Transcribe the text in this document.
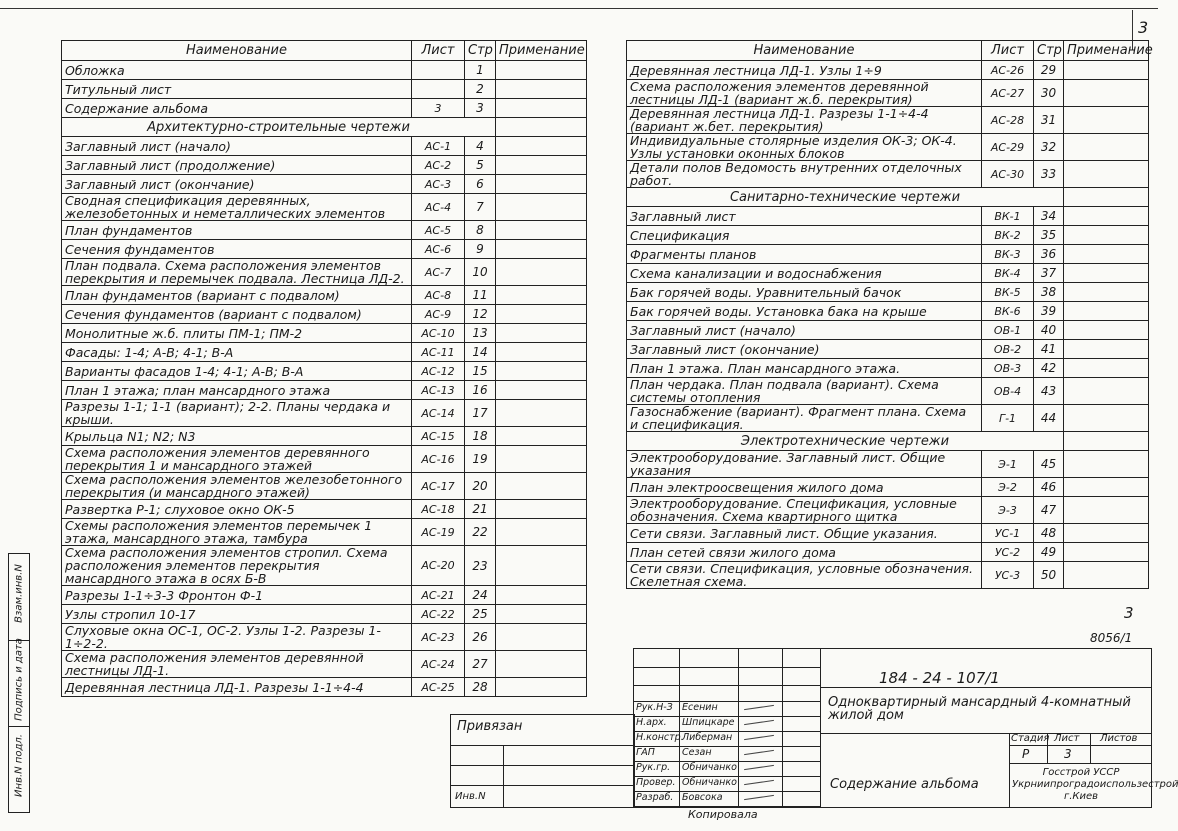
3
Наименование	Лист	Стр	Применание
Обложка		1	
Титульный лист		2	
Содержание альбома	3	3	
Архитектурно-строительные чертежи			
Заглавный лист (начало)	АС-1	4	
Заглавный лист (продолжение)	АС-2	5	
Заглавный лист (окончание)	АС-3	6	
Сводная спецификация деревянных, железобетонных и неметаллических элементов	АС-4	7	
План фундаментов	АС-5	8	
Сечения фундаментов	АС-6	9	
План подвала. Схема расположения элементов перекрытия и перемычек подвала. Лестница ЛД-2.	АС-7	10	
План фундаментов (вариант с подвалом)	АС-8	11	
Сечения фундаментов (вариант с подвалом)	АС-9	12	
Монолитные ж.б. плиты ПМ-1; ПМ-2	АС-10	13	
Фасады: 1-4; А-В; 4-1; В-А	АС-11	14	
Варианты фасадов 1-4; 4-1; А-В; В-А	АС-12	15	
План 1 этажа; план мансардного этажа	АС-13	16	
Разрезы 1-1; 1-1 (вариант); 2-2. Планы чердака и крыши.	АС-14	17	
Крыльца N1; N2; N3	АС-15	18	
Схема расположения элементов деревянного перекрытия 1 и мансардного этажей	АС-16	19	
Схема расположения элементов железобетонного перекрытия (и мансардного этажей)	АС-17	20	
Развертка Р-1; слуховое окно ОК-5	АС-18	21	
Схемы расположения элементов перемычек 1 этажа, мансардного этажа, тамбура	АС-19	22	
Схема расположения элементов стропил. Схема расположения элементов перекрытия мансардного этажа в осях Б-В	АС-20	23	
Разрезы 1-1÷3-3 Фронтон Ф-1	АС-21	24	
Узлы стропил 10-17	АС-22	25	
Слуховые окна ОС-1, ОС-2. Узлы 1-2. Разрезы 1-1÷2-2.	АС-23	26	
Схема расположения элементов деревянной лестницы ЛД-1.	АС-24	27	
Деревянная лестница ЛД-1. Разрезы 1-1÷4-4	АС-25	28	
Наименование	Лист	Стр	Применание
Деревянная лестница ЛД-1. Узлы 1÷9	АС-26	29	
Схема расположения элементов деревянной лестницы ЛД-1 (вариант ж.б. перекрытия)	АС-27	30	
Деревянная лестница ЛД-1. Разрезы 1-1÷4-4 (вариант ж.бет. перекрытия)	АС-28	31	
Индивидуальные столярные изделия ОК-3; ОК-4. Узлы установки оконных блоков	АС-29	32	
Детали полов Ведомость внутренних отделочных работ.	АС-30	33	
Санитарно-технические чертежи			
Заглавный лист	ВК-1	34	
Спецификация	ВК-2	35	
Фрагменты планов	ВК-3	36	
Схема канализации и водоснабжения	ВК-4	37	
Бак горячей воды. Уравнительный бачок	ВК-5	38	
Бак горячей воды. Установка бака на крыше	ВК-6	39	
Заглавный лист (начало)	ОВ-1	40	
Заглавный лист (окончание)	ОВ-2	41	
План 1 этажа. План мансардного этажа.	ОВ-3	42	
План чердака. План подвала (вариант). Схема системы отопления	ОВ-4	43	
Газоснабжение (вариант). Фрагмент плана. Схема и спецификация.	Г-1	44	
Электротехнические чертежи			
Электрооборудование. Заглавный лист. Общие указания	Э-1	45	
План электроосвещения жилого дома	Э-2	46	
Электрооборудование. Спецификация, условные обозначения. Схема квартирного щитка	Э-3	47	
Сети связи. Заглавный лист. Общие указания.	УС-1	48	
План сетей связи жилого дома	УС-2	49	
Сети связи. Спецификация, условные обозначения. Скелетная схема.	УС-3	50	
Взам.инв.N
Подпись и дата
Инв.N подл.
Привязан
Инв.N
Рук.Н-З Есенин
Н.арх. Шпицкаре
Н.констр.
Либерман
ГАП	Сезан
Рук.гр. Обничанко
Провер. Обничанко
Разраб. Бовсока
184 - 24 - 107/1
Одноквартирный мансардный 4-комнатный жилой дом
Стадия Лист Листов
Р	3
Содержание альбома
Госстрой УССР Укрниипроградоиспользестрой г.Киев
3
8056/1
Копировала
